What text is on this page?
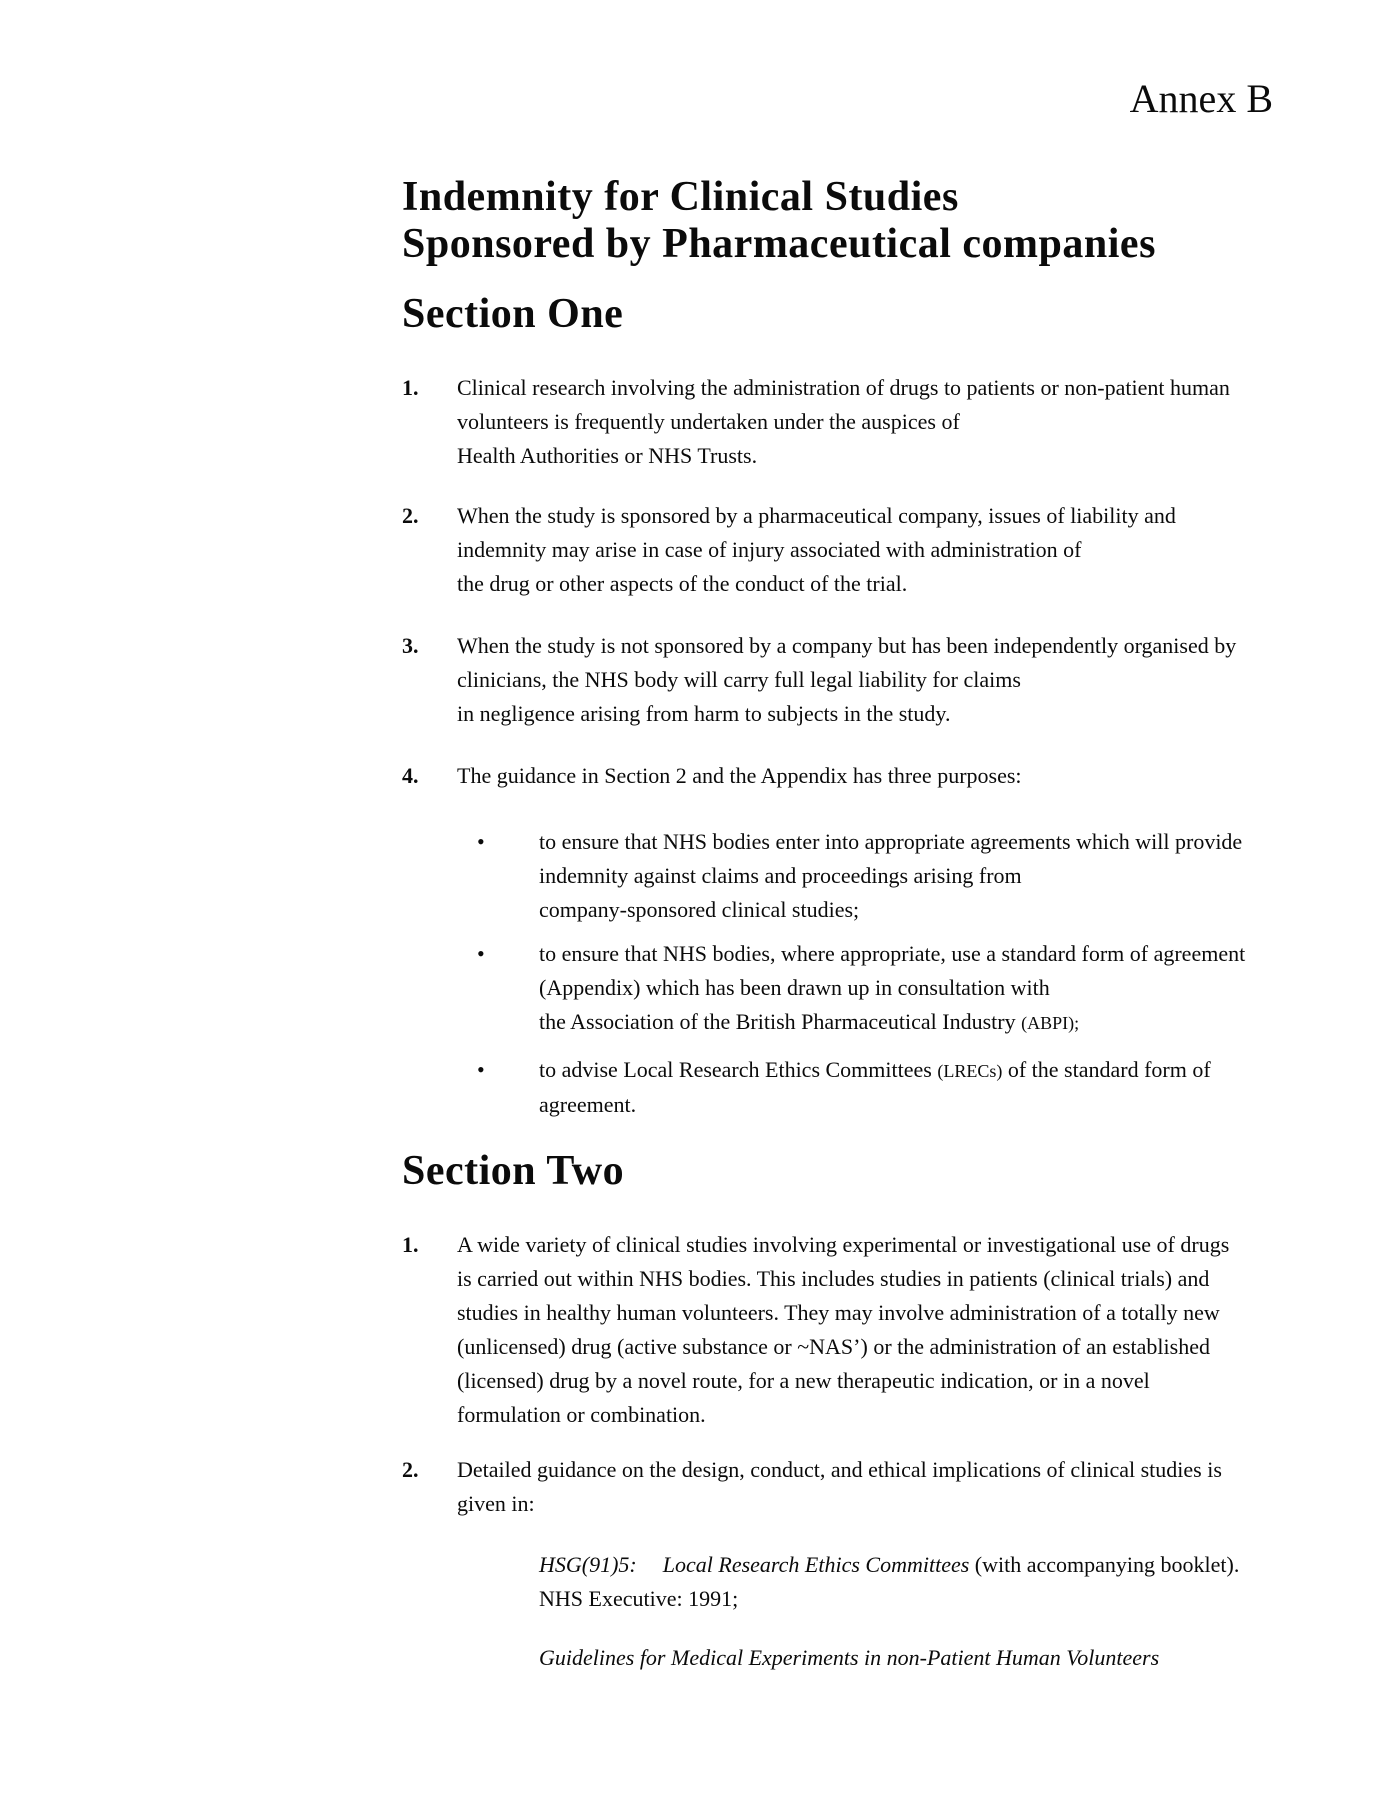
Annex B
Indemnity for Clinical Studies
Sponsored by Pharmaceutical companies
Section One
1.	Clinical research involving the administration of drugs to patients or non-patient human
volunteers is frequently undertaken under the auspices of
Health Authorities or NHS Trusts.
2.	When the study is sponsored by a pharmaceutical company, issues of liability and
indemnity may arise in case of injury associated with administration of
the drug or other aspects of the conduct of the trial.
3.	When the study is not sponsored by a company but has been independently organised by
clinicians, the NHS body will carry full legal liability for claims
in negligence arising from harm to subjects in the study.
4.	The guidance in Section 2 and the Appendix has three purposes:
•	to ensure that NHS bodies enter into appropriate agreements which will provide
indemnity against claims and proceedings arising from
company-sponsored clinical studies;
•	to ensure that NHS bodies, where appropriate, use a standard form of agreement
(Appendix) which has been drawn up in consultation with
the Association of the British Pharmaceutical Industry (ABPI);
•	to advise Local Research Ethics Committees (LRECs) of the standard form of
agreement.
Section Two
1.	A wide variety of clinical studies involving experimental or investigational use of drugs
is carried out within NHS bodies. This includes studies in patients (clinical trials) and
studies in healthy human volunteers. They may involve administration of a totally new
(unlicensed) drug (active substance or ~NAS’) or the administration of an established
(licensed) drug by a novel route, for a new therapeutic indication, or in a novel
formulation or combination.
2.	Detailed guidance on the design, conduct, and ethical implications of clinical studies is
given in:
HSG(91)5: Local Research Ethics Committees (with accompanying booklet).
NHS Executive: 1991;
Guidelines for Medical Experiments in non-Patient Human Volunteers
